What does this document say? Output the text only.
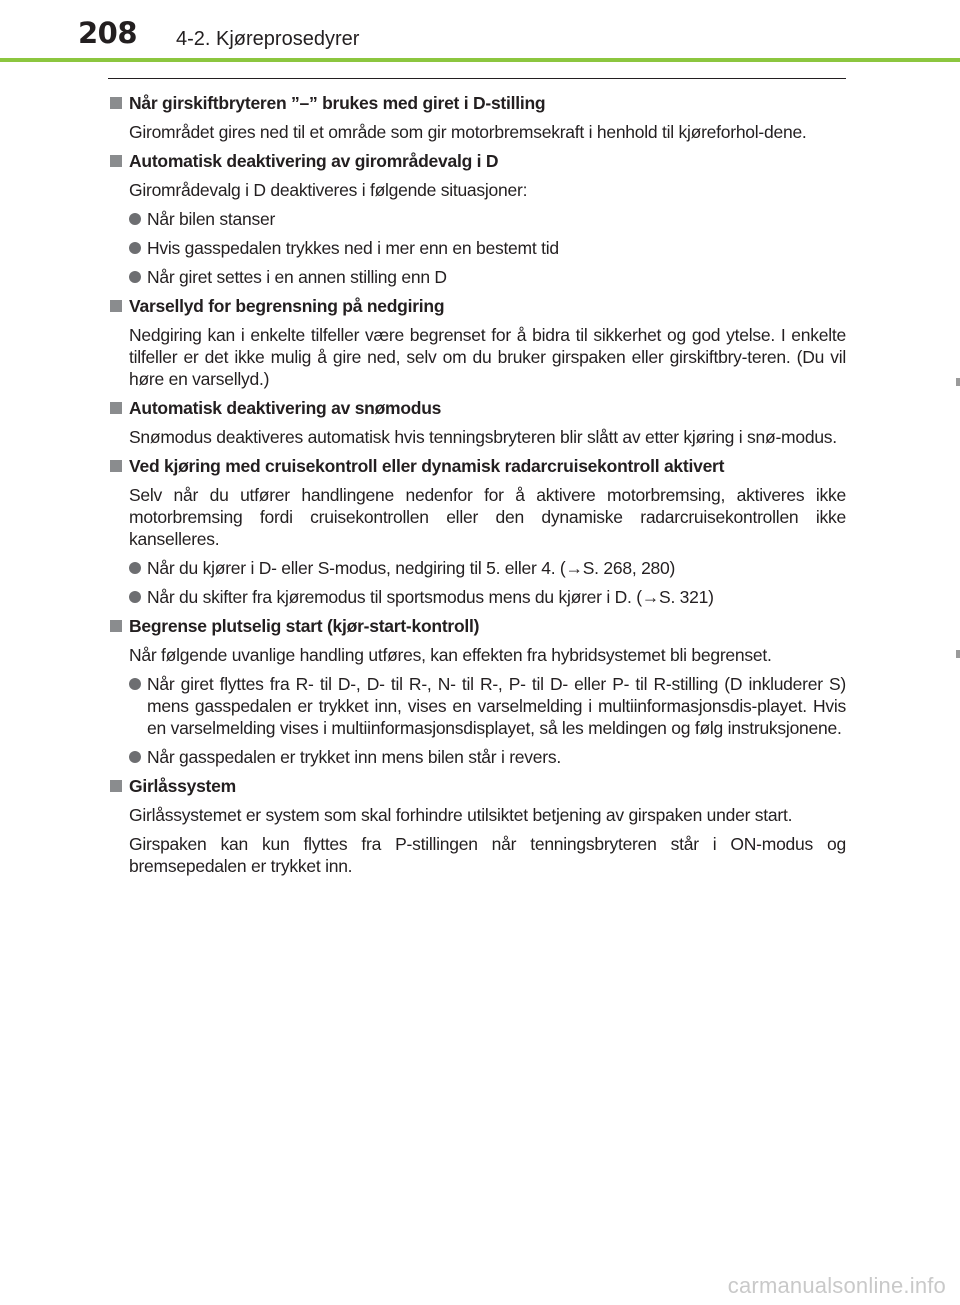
208 4-2. Kjøreprosedyrer
Når girskiftbryteren ”–” brukes med giret i D-stilling
Girområdet gires ned til et område som gir motorbremsekraft i henhold til kjøreforhol-dene.
Automatisk deaktivering av girområdevalg i D
Girområdevalg i D deaktiveres i følgende situasjoner:
Når bilen stanser
Hvis gasspedalen trykkes ned i mer enn en bestemt tid
Når giret settes i en annen stilling enn D
Varsellyd for begrensning på nedgiring
Nedgiring kan i enkelte tilfeller være begrenset for å bidra til sikkerhet og god ytelse. I enkelte tilfeller er det ikke mulig å gire ned, selv om du bruker girspaken eller girskiftbry-teren. (Du vil høre en varsellyd.)
Automatisk deaktivering av snømodus
Snømodus deaktiveres automatisk hvis tenningsbryteren blir slått av etter kjøring i snø-modus.
Ved kjøring med cruisekontroll eller dynamisk radarcruisekontroll aktivert
Selv når du utfører handlingene nedenfor for å aktivere motorbremsing, aktiveres ikke motorbremsing fordi cruisekontrollen eller den dynamiske radarcruisekontrollen ikke kanselleres.
Når du kjører i D- eller S-modus, nedgiring til 5. eller 4. (→S. 268, 280)
Når du skifter fra kjøremodus til sportsmodus mens du kjører i D. (→S. 321)
Begrense plutselig start (kjør-start-kontroll)
Når følgende uvanlige handling utføres, kan effekten fra hybridsystemet bli begrenset.
Når giret flyttes fra R- til D-, D- til R-, N- til R-, P- til D- eller P- til R-stilling (D inkluderer S) mens gasspedalen er trykket inn, vises en varselmelding i multiinformasjonsdis-playet. Hvis en varselmelding vises i multiinformasjonsdisplayet, så les meldingen og følg instruksjonene.
Når gasspedalen er trykket inn mens bilen står i revers.
Girlåssystem
Girlåssystemet er system som skal forhindre utilsiktet betjening av girspaken under start.
Girspaken kan kun flyttes fra P-stillingen når tenningsbryteren står i ON-modus og bremsepedalen er trykket inn.
carmanualsonline.info
